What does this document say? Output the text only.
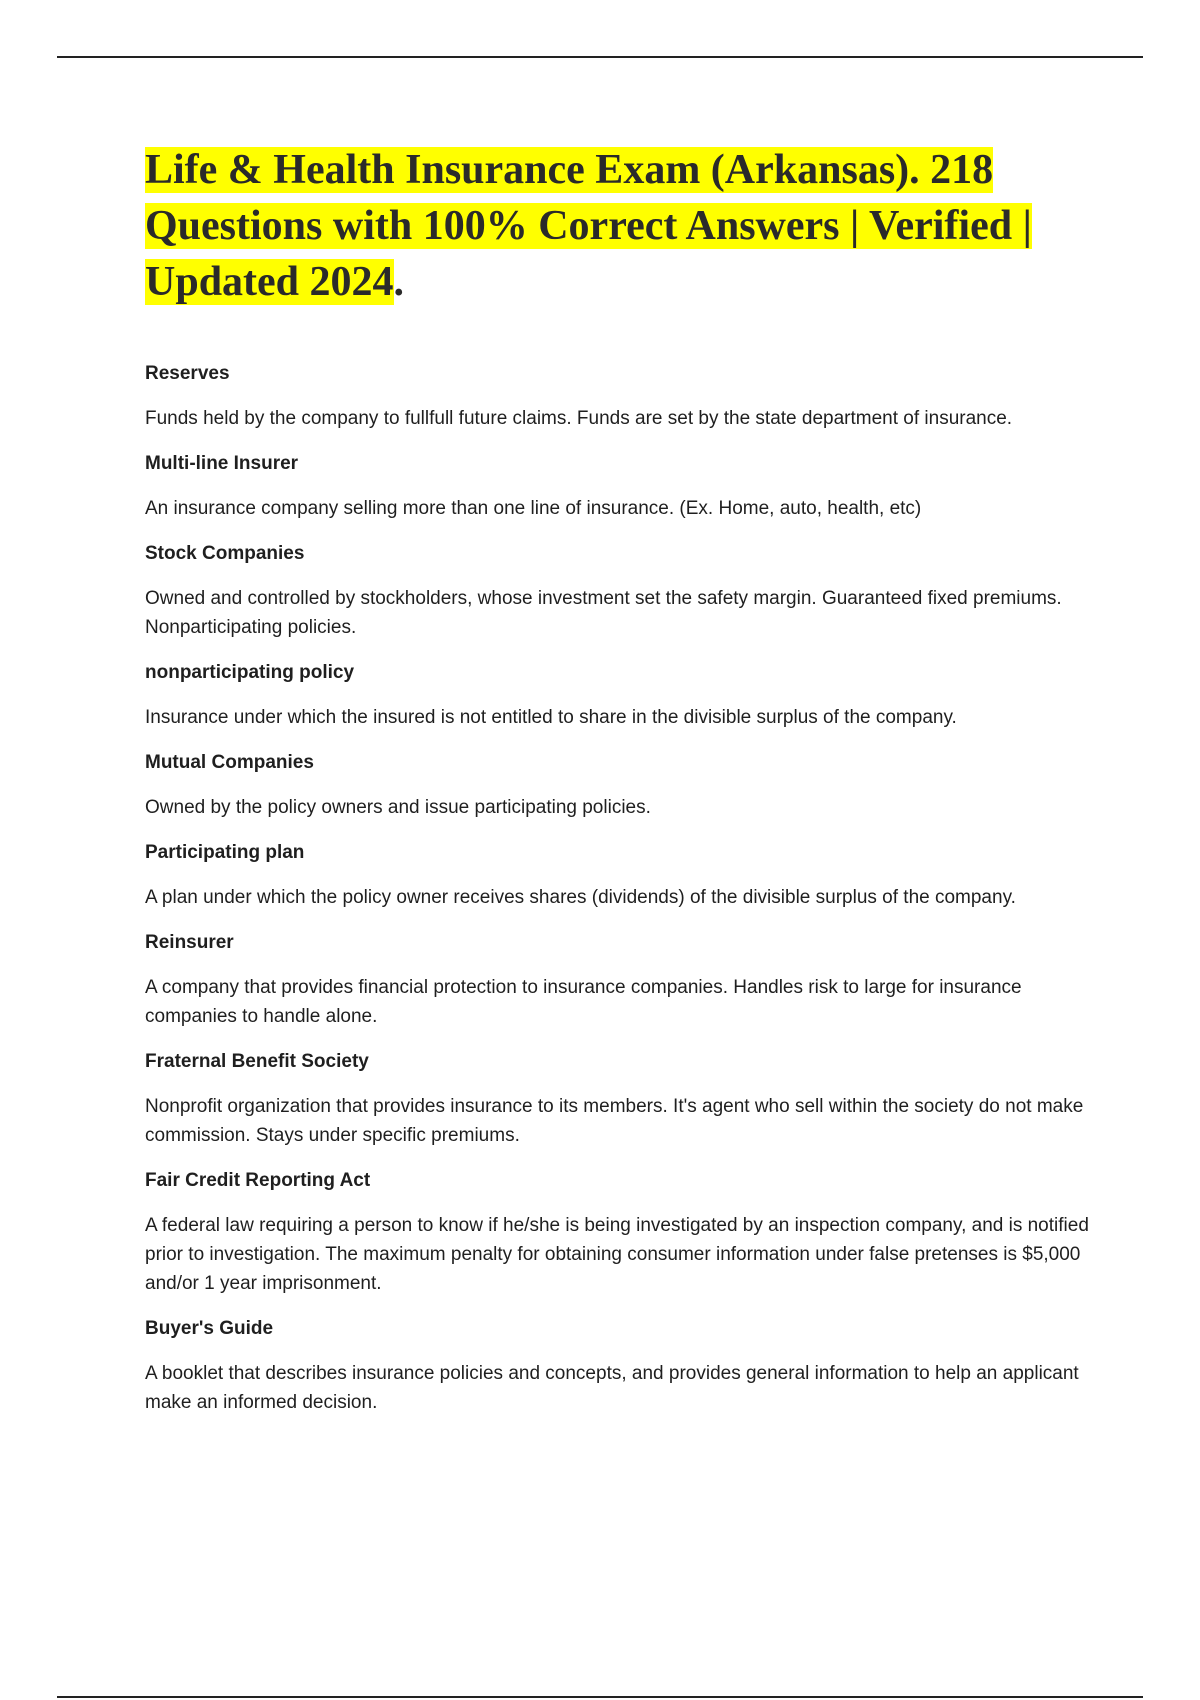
Life & Health Insurance Exam (Arkansas). 218 Questions with 100% Correct Answers | Verified | Updated 2024.

Reserves

Funds held by the company to fullfull future claims. Funds are set by the state department of insurance.

Multi-line Insurer

An insurance company selling more than one line of insurance. (Ex. Home, auto, health, etc)

Stock Companies

Owned and controlled by stockholders, whose investment set the safety margin. Guaranteed fixed premiums. Nonparticipating policies.

nonparticipating policy

Insurance under which the insured is not entitled to share in the divisible surplus of the company.

Mutual Companies

Owned by the policy owners and issue participating policies.

Participating plan

A plan under which the policy owner receives shares (dividends) of the divisible surplus of the company.

Reinsurer

A company that provides financial protection to insurance companies. Handles risk to large for insurance companies to handle alone.

Fraternal Benefit Society

Nonprofit organization that provides insurance to its members. It's agent who sell within the society do not make commission. Stays under specific premiums.

Fair Credit Reporting Act

A federal law requiring a person to know if he/she is being investigated by an inspection company, and is notified prior to investigation. The maximum penalty for obtaining consumer information under false pretenses is $5,000 and/or 1 year imprisonment.

Buyer's Guide

A booklet that describes insurance policies and concepts, and provides general information to help an applicant make an informed decision.
